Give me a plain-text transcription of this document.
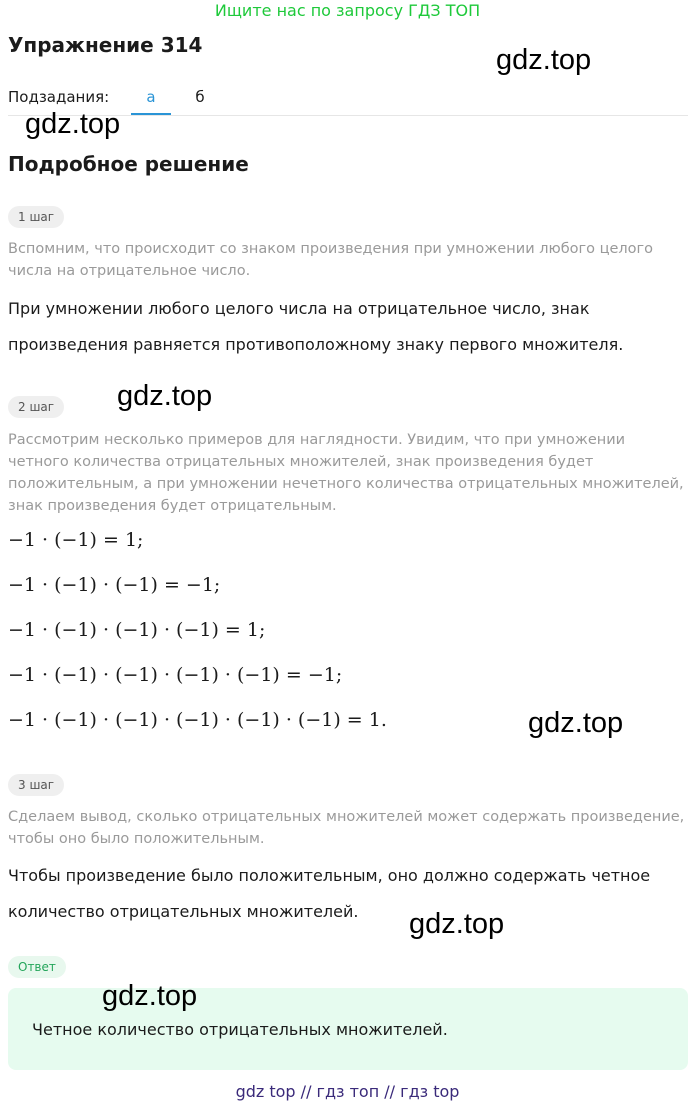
Ищите нас по запросу ГДЗ ТОП
Упражнение 314
Подзадания:	а	б
Подробное решение
1 шаг
Вспомним, что происходит со знаком произведения при умножении любого целого числа на отрицательное число.
При умножении любого целого числа на отрицательное число, знак
произведения равняется противоположному знаку первого множителя.
2 шаг
Рассмотрим несколько примеров для наглядности. Увидим, что при умножении четного количества отрицательных множителей, знак произведения будет положительным, а при умножении нечетного количества отрицательных множителей, знак произведения будет отрицательным.
−1 · (−1) = 1;
−1 · (−1) · (−1) = −1;
−1 · (−1) · (−1) · (−1) = 1;
−1 · (−1) · (−1) · (−1) · (−1) = −1;
−1 · (−1) · (−1) · (−1) · (−1) · (−1) = 1.
3 шаг
Сделаем вывод, сколько отрицательных множителей может содержать произведение, чтобы оно было положительным.
Чтобы произведение было положительным, оно должно содержать четное
количество отрицательных множителей.
Ответ
Четное количество отрицательных множителей.
gdz.top
gdz.top
gdz.top
gdz.top
gdz.top
gdz.top
gdz top // гдз топ // гдз top
